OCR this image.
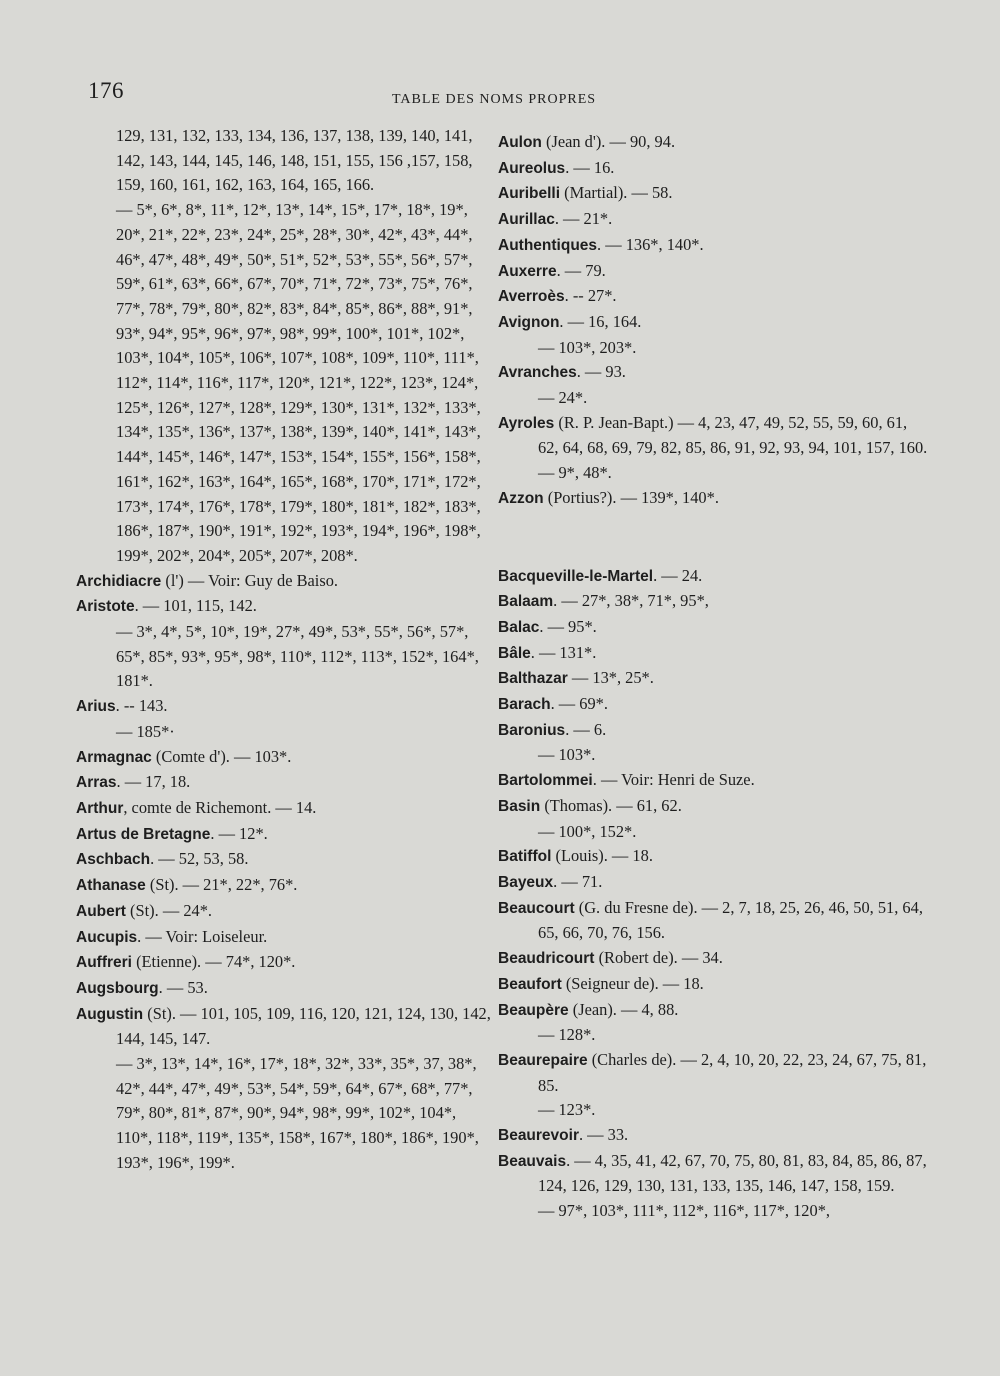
176	TABLE DES NOMS PROPRES
129, 131, 132, 133, 134, 136, 137, 138, 139, 140, 141, 142, 143, 144, 145, 146, 148, 151, 155, 156 ,157, 158, 159, 160, 161, 162, 163, 164, 165, 166.
— 5*, 6*, 8*, 11*, 12*, 13*, 14*, 15*, 17*, 18*, 19*, 20*, 21*, 22*, 23*, 24*, 25*, 28*, 30*, 42*, 43*, 44*, 46*, 47*, 48*, 49*, 50*, 51*, 52*, 53*, 55*, 56*, 57*, 59*, 61*, 63*, 66*, 67*, 70*, 71*, 72*, 73*, 75*, 76*, 77*, 78*, 79*, 80*, 82*, 83*, 84*, 85*, 86*, 88*, 91*, 93*, 94*, 95*, 96*, 97*, 98*, 99*, 100*, 101*, 102*, 103*, 104*, 105*, 106*, 107*, 108*, 109*, 110*, 111*, 112*, 114*, 116*, 117*, 120*, 121*, 122*, 123*, 124*, 125*, 126*, 127*, 128*, 129*, 130*, 131*, 132*, 133*, 134*, 135*, 136*, 137*, 138*, 139*, 140*, 141*, 143*, 144*, 145*, 146*, 147*, 153*, 154*, 155*, 156*, 158*, 161*, 162*, 163*, 164*, 165*, 168*, 170*, 171*, 172*, 173*, 174*, 176*, 178*, 179*, 180*, 181*, 182*, 183*, 186*, 187*, 190*, 191*, 192*, 193*, 194*, 196*, 198*, 199*, 202*, 204*, 205*, 207*, 208*.
Archidiacre (l') — Voir: Guy de Baiso.
Aristote. — 101, 115, 142.
— 3*, 4*, 5*, 10*, 19*, 27*, 49*, 53*, 55*, 56*, 57*, 65*, 85*, 93*, 95*, 98*, 110*, 112*, 113*, 152*, 164*, 181*.
Arius. -- 143.
— 185*·
Armagnac (Comte d'). — 103*.
Arras. — 17, 18.
Arthur, comte de Richemont. — 14.
Artus de Bretagne. — 12*.
Aschbach. — 52, 53, 58.
Athanase (St). — 21*, 22*, 76*.
Aubert (St). — 24*.
Aucupis. — Voir: Loiseleur.
Auffreri (Etienne). — 74*, 120*.
Augsbourg. — 53.
Augustin (St). — 101, 105, 109, 116, 120, 121, 124, 130, 142, 144, 145, 147.
— 3*, 13*, 14*, 16*, 17*, 18*, 32*, 33*, 35*, 37, 38*, 42*, 44*, 47*, 49*, 53*, 54*, 59*, 64*, 67*, 68*, 77*, 79*, 80*, 81*, 87*, 90*, 94*, 98*, 99*, 102*, 104*, 110*, 118*, 119*, 135*, 158*, 167*, 180*, 186*, 190*, 193*, 196*, 199*.
Aulon (Jean d'). — 90, 94.
Aureolus. — 16.
Auribelli (Martial). — 58.
Aurillac. — 21*.
Authentiques. — 136*, 140*.
Auxerre. — 79.
Averroès. -- 27*.
Avignon. — 16, 164.
— 103*, 203*.
Avranches. — 93.
— 24*.
Ayroles (R. P. Jean-Bapt.) — 4, 23, 47, 49, 52, 55, 59, 60, 61, 62, 64, 68, 69, 79, 82, 85, 86, 91, 92, 93, 94, 101, 157, 160.
— 9*, 48*.
Azzon (Portius?). — 139*, 140*.
Bacqueville-le-Martel. — 24.
Balaam. — 27*, 38*, 71*, 95*,
Balac. — 95*.
Bâle. — 131*.
Balthazar — 13*, 25*.
Barach. — 69*.
Baronius. — 6.
— 103*.
Bartolommei. — Voir: Henri de Suze.
Basin (Thomas). — 61, 62.
— 100*, 152*.
Batiffol (Louis). — 18.
Bayeux. — 71.
Beaucourt (G. du Fresne de). — 2, 7, 18, 25, 26, 46, 50, 51, 64, 65, 66, 70, 76, 156.
Beaudricourt (Robert de). — 34.
Beaufort (Seigneur de). — 18.
Beaupère (Jean). — 4, 88.
— 128*.
Beaurepaire (Charles de). — 2, 4, 10, 20, 22, 23, 24, 67, 75, 81, 85.
— 123*.
Beaurevoir. — 33.
Beauvais. — 4, 35, 41, 42, 67, 70, 75, 80, 81, 83, 84, 85, 86, 87, 124, 126, 129, 130, 131, 133, 135, 146, 147, 158, 159.
— 97*, 103*, 111*, 112*, 116*, 117*, 120*,
